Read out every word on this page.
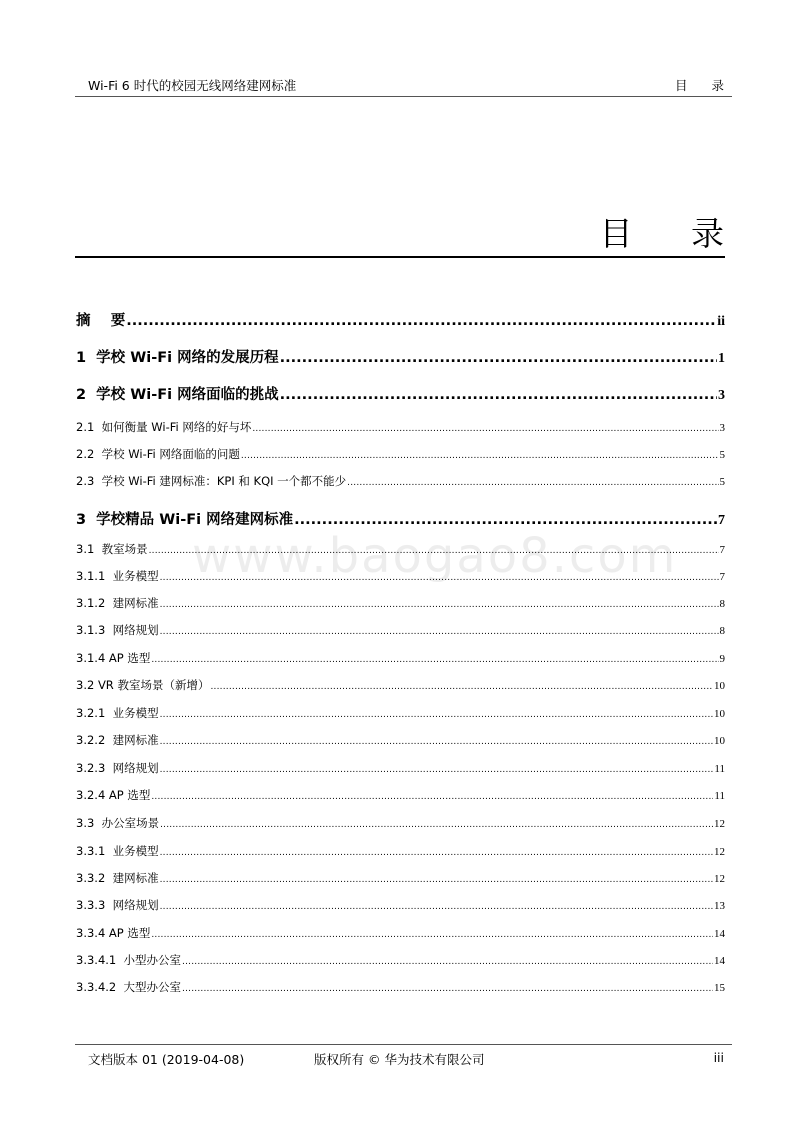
Wi-Fi 6 时代的校园无线网络建网标准	目 录
目 录
www.baogao8.com
摘    要 .....	ii
1  学校 Wi-Fi 网络的发展历程 .....	1
2  学校 Wi-Fi 网络面临的挑战 .....	3
2.1  如何衡量 Wi-Fi 网络的好与坏 .....	3
2.2  学校 Wi-Fi 网络面临的问题 .....	5
2.3  学校 Wi-Fi 建网标准：KPI 和 KQI 一个都不能少 .....	5
3  学校精品 Wi-Fi 网络建网标准 .....	7
3.1  教室场景 .....	7
3.1.1  业务模型 .....	7
3.1.2  建网标准 .....	8
3.1.3  网络规划 .....	8
3.1.4 AP 选型 .....	9
3.2 VR 教室场景（新增） .....	10
3.2.1  业务模型 .....	10
3.2.2  建网标准 .....	10
3.2.3  网络规划 .....	11
3.2.4 AP 选型 .....	11
3.3  办公室场景 .....	12
3.3.1  业务模型 .....	12
3.3.2  建网标准 .....	12
3.3.3  网络规划 .....	13
3.3.4 AP 选型 .....	14
3.3.4.1  小型办公室 .....	14
3.3.4.2  大型办公室 .....	15
文档版本 01 (2019-04-08)	版权所有 © 华为技术有限公司	iii
